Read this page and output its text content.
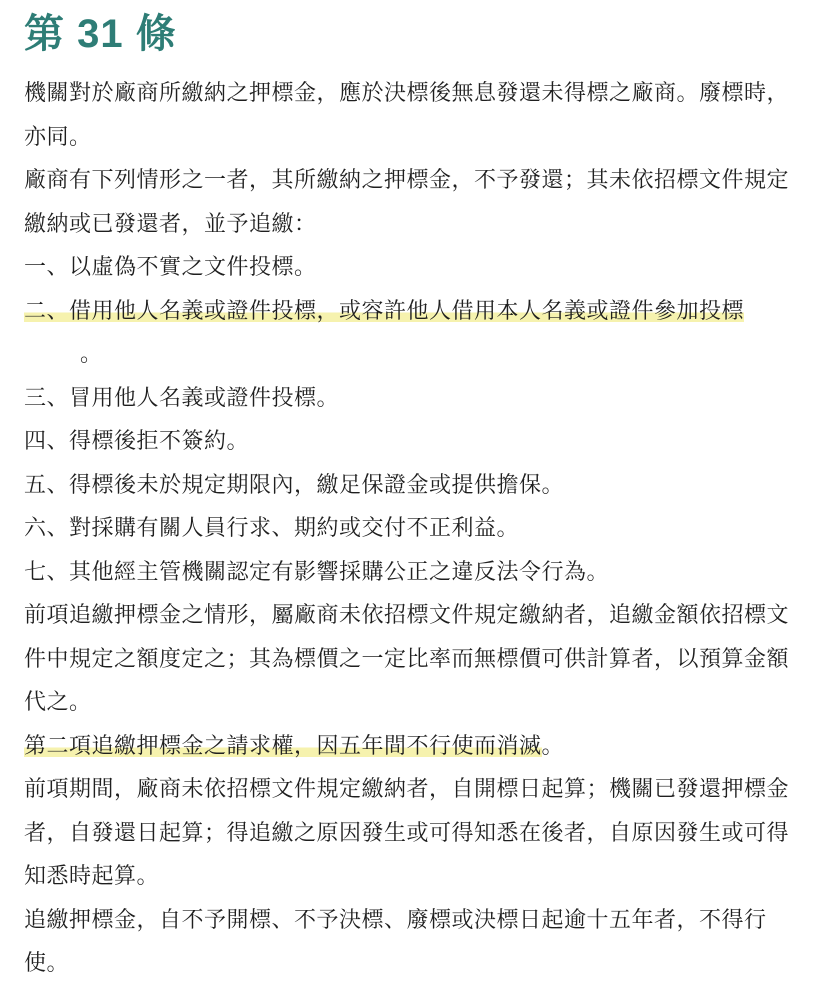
第 31 條

機關對於廠商所繳納之押標金，應於決標後無息發還未得標之廠商。廢標時，亦同。

廠商有下列情形之一者，其所繳納之押標金，不予發還；其未依招標文件規定繳納或已發還者，並予追繳：

一、 以虛偽不實之文件投標。
二、借用他人名義或證件投標，或容許他人借用本人名義或證件參加投標
。
三、 冒用他人名義或證件投標。
四、 得標後拒不簽約。
五、 得標後未於規定期限內，繳足保證金或提供擔保。
六、 對採購有關人員行求、期約或交付不正利益。
七、 其他經主管機關認定有影響採購公正之違反法令行為。

前項追繳押標金之情形，屬廠商未依招標文件規定繳納者，追繳金額依招標文件中規定之額度定之；其為標價之一定比率而無標價可供計算者，以預算金額代之。

第二項追繳押標金之請求權，因五年間不行使而消滅。

前項期間，廠商未依招標文件規定繳納者，自開標日起算；機關已發還押標金者，自發還日起算；得追繳之原因發生或可得知悉在後者，自原因發生或可得知悉時起算。

追繳押標金，自不予開標、不予決標、廢標或決標日起逾十五年者，不得行使。
